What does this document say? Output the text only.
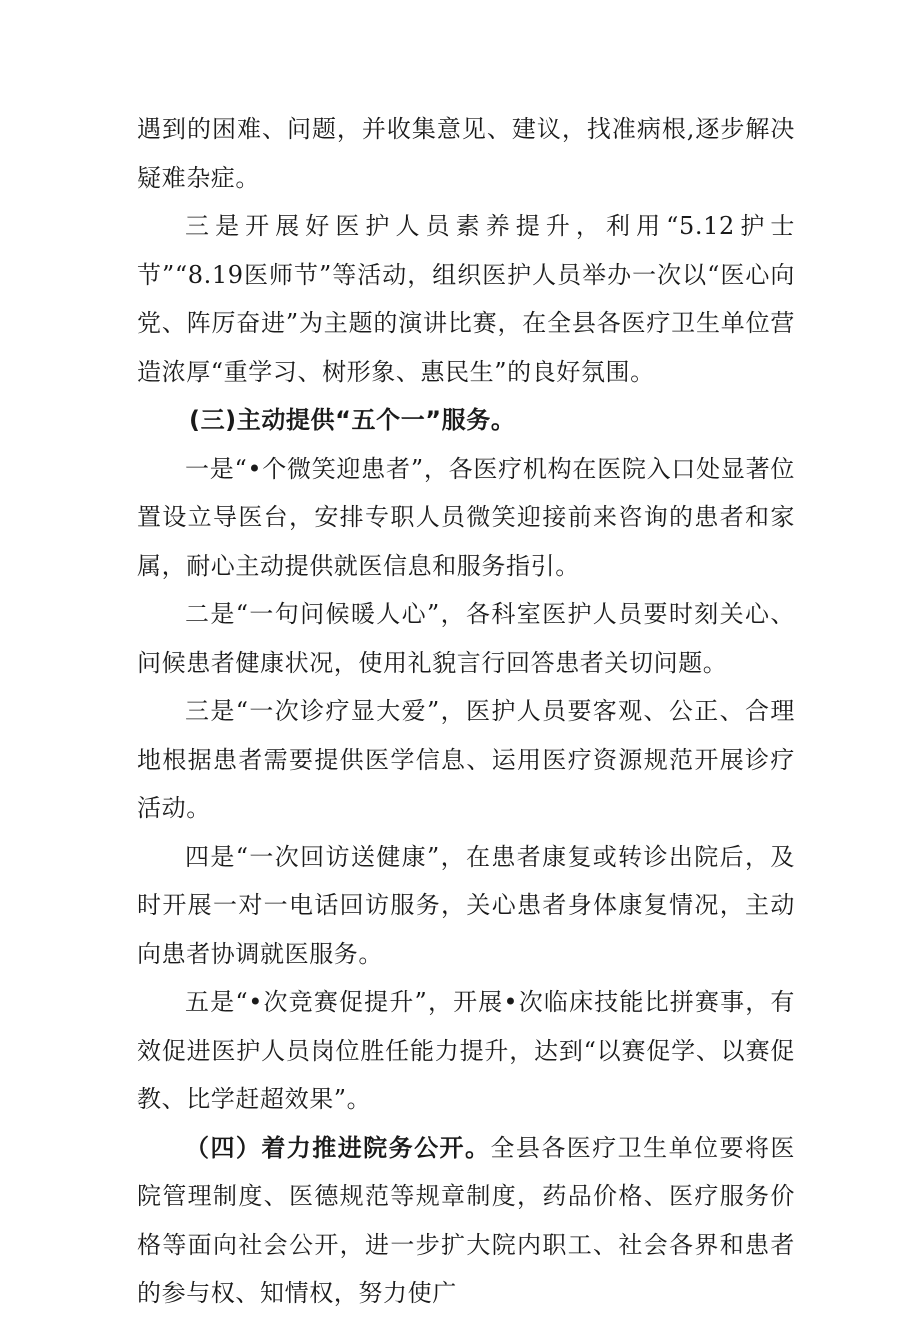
遇到的困难、问题，并收集意见、建议，找准病根,逐步解决疑难杂症。

三是开展好医护人员素养提升，利用“5.12护士节”“8.19医师节”等活动，组织医护人员举办一次以“医心向党、阵厉奋进”为主题的演讲比赛，在全县各医疗卫生单位营造浓厚“重学习、树形象、惠民生”的良好氛围。

(三)主动提供“五个一”服务。

一是“•个微笑迎患者”，各医疗机构在医院入口处显著位置设立导医台，安排专职人员微笑迎接前来咨询的患者和家属，耐心主动提供就医信息和服务指引。

二是“一句问候暖人心”，各科室医护人员要时刻关心、问候患者健康状况，使用礼貌言行回答患者关切问题。

三是“一次诊疗显大爱”，医护人员要客观、公正、合理地根据患者需要提供医学信息、运用医疗资源规范开展诊疗活动。

四是“一次回访送健康”，在患者康复或转诊出院后，及时开展一对一电话回访服务，关心患者身体康复情况，主动向患者协调就医服务。

五是“•次竞赛促提升”，开展•次临床技能比拼赛事，有效促进医护人员岗位胜任能力提升，达到“以赛促学、以赛促教、比学赶超效果”。

（四）着力推进院务公开。全县各医疗卫生单位要将医院管理制度、医德规范等规章制度，药品价格、医疗服务价格等面向社会公开，进一步扩大院内职工、社会各界和患者的参与权、知情权，努力使广
